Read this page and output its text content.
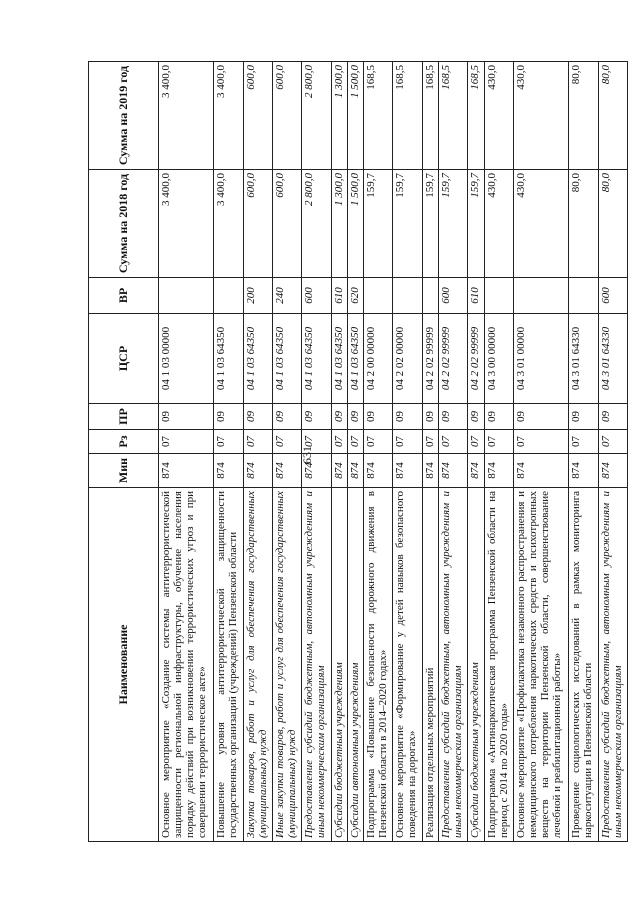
631
Наименование	Мин	Рз	ПР	ЦСР	ВР	Сумма на 2018 год	Сумма на 2019 год
Основное мероприятие «Создание системы антитеррористической защищенности региональной инфраструктуры, обучение населения порядку действий при возникновении террористических угроз и при совершении террористическое акте»	874	07	09	04 1 03 00000		3 400,0	3 400,0
Повышение уровня антитеррористической защищенности государственных организаций (учреждений) Пензенской области	874	07	09	04 1 03 64350		3 400,0	3 400,0
Закупка товаров, работ и услуг для обеспечения государственных (муниципальных) нужд	874	07	09	04 1 03 64350	200	600,0	600,0
Иные закупки товаров, работ и услуг для обеспечения государственных (муниципальных) нужд	874	07	09	04 1 03 64350	240	600,0	600,0
Предоставление субсидий бюджетным, автономным учреждениям и иным некоммерческим организациям	874	07	09	04 1 03 64350	600	2 800,0	2 800,0
Субсидии бюджетным учреждениям	874	07	09	04 1 03 64350	610	1 300,0	1 300,0
Субсидии автономным учреждениям	874	07	09	04 1 03 64350	620	1 500,0	1 500,0
Подпрограмма «Повышение безопасности дорожного движения в Пензенской области в 2014–2020 годах»	874	07	09	04 2 00 00000		159,7	168,5
Основное мероприятие «Формирование у детей навыков безопасного поведения на дорогах»	874	07	09	04 2 02 00000		159,7	168,5
Реализация отдельных мероприятий	874	07	09	04 2 02 99999		159,7	168,5
Предоставление субсидий бюджетным, автономным учреждениям и иным некоммерческим организациям	874	07	09	04 2 02 99999	600	159,7	168,5
Субсидии бюджетным учреждениям	874	07	09	04 2 02 99999	610	159,7	168,5
Подпрограмма «Антинаркотическая программа Пензенской области на период с 2014 по 2020 годы»	874	07	09	04 3 00 00000		430,0	430,0
Основное мероприятие «Профилактика незаконного распространения и немедицинского потребления наркотических средств и психотропных веществ на территории Пензенской области, совершенствование лечебной и реабилитационной работы»	874	07	09	04 3 01 00000		430,0	430,0
Проведение социологических исследований в рамках мониторинга наркоситуации в Пензенской области	874	07	09	04 3 01 64330		80,0	80,0
Предоставление субсидий бюджетным, автономным учреждениям и иным некоммерческим организациям	874	07	09	04 3 01 64330	600	80,0	80,0
